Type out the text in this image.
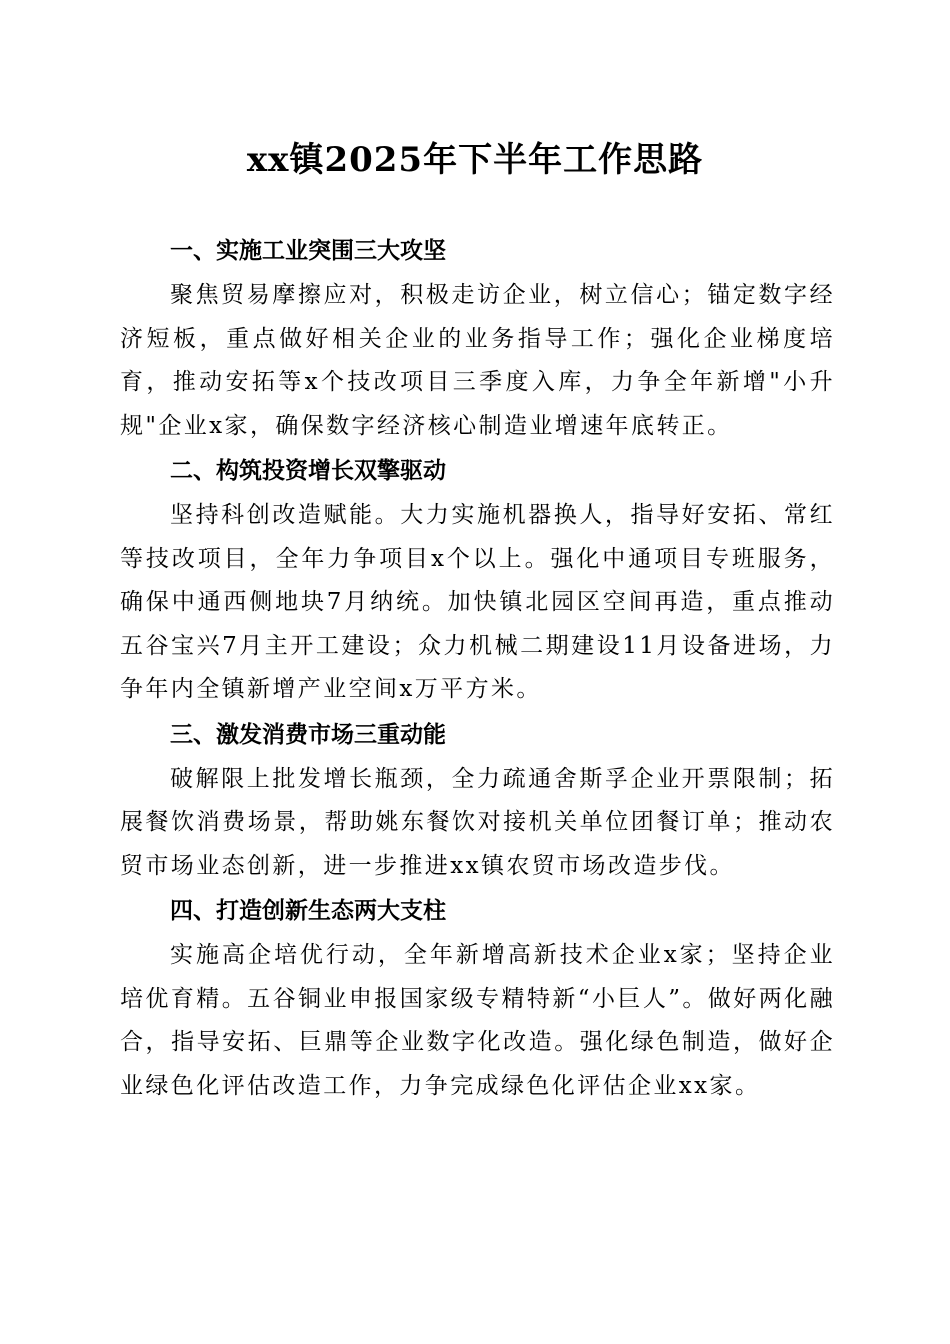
xx镇2025年下半年工作思路
一、实施工业突围三大攻坚

聚焦贸易摩擦应对，积极走访企业，树立信心；锚定数字经济短板，重点做好相关企业的业务指导工作；强化企业梯度培育，推动安拓等x个技改项目三季度入库，力争全年新增"小升规"企业x家，确保数字经济核心制造业增速年底转正。

二、构筑投资增长双擎驱动

坚持科创改造赋能。大力实施机器换人，指导好安拓、常红等技改项目，全年力争项目x个以上。强化中通项目专班服务，确保中通西侧地块7月纳统。加快镇北园区空间再造，重点推动五谷宝兴7月主开工建设；众力机械二期建设11月设备进场，力争年内全镇新增产业空间x万平方米。

三、激发消费市场三重动能

破解限上批发增长瓶颈，全力疏通舍斯孚企业开票限制；拓展餐饮消费场景，帮助姚东餐饮对接机关单位团餐订单；推动农贸市场业态创新，进一步推进xx镇农贸市场改造步伐。

四、打造创新生态两大支柱

实施高企培优行动，全年新增高新技术企业x家；坚持企业培优育精。五谷铜业申报国家级专精特新“小巨人”。做好两化融合，指导安拓、巨鼎等企业数字化改造。强化绿色制造，做好企业绿色化评估改造工作，力争完成绿色化评估企业xx家。
